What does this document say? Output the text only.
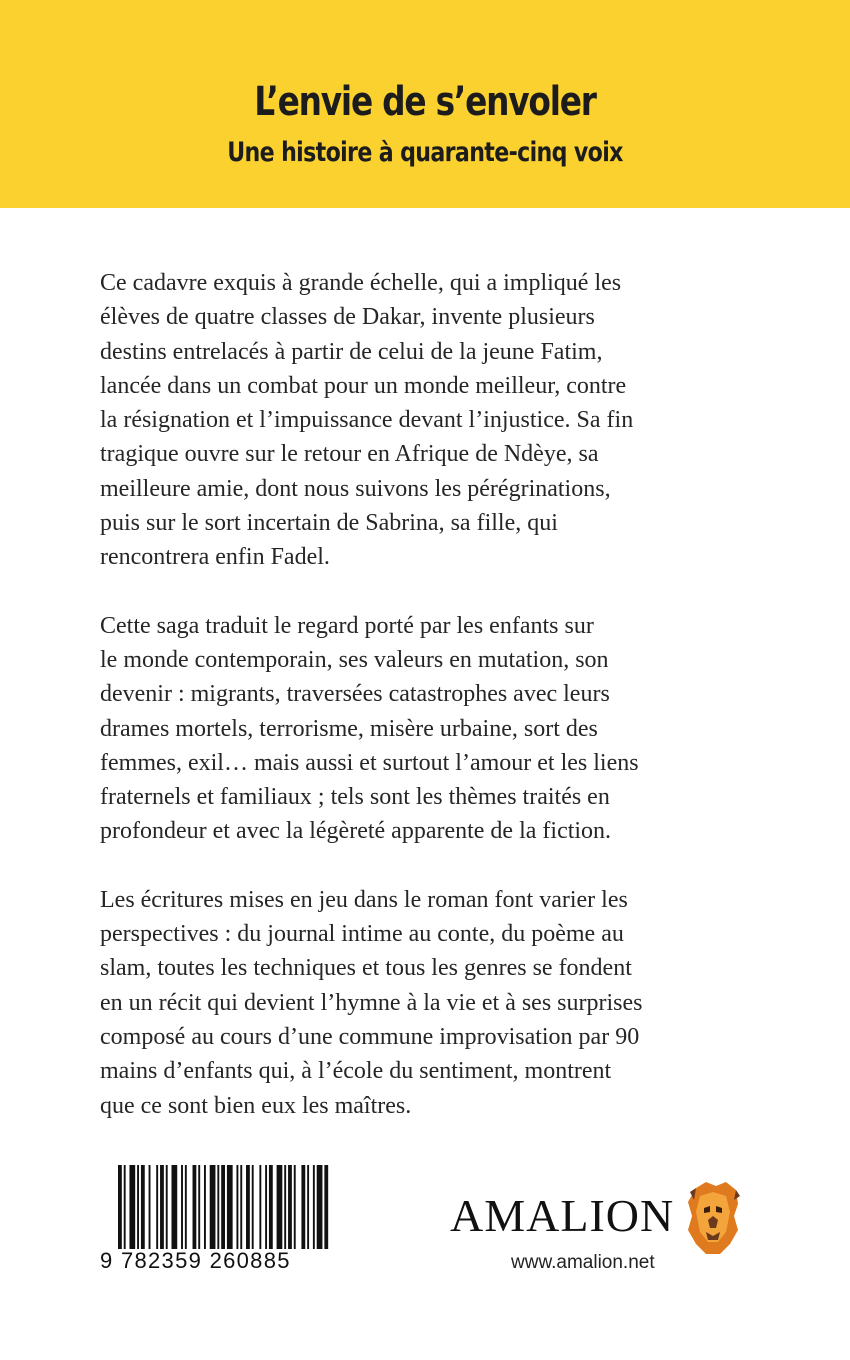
L’envie de s’envoler
Une histoire à quarante-cinq voix

Ce cadavre exquis à grande échelle, qui a impliqué les
élèves de quatre classes de Dakar, invente plusieurs
destins entrelacés à partir de celui de la jeune Fatim,
lancée dans un combat pour un monde meilleur, contre
la résignation et l’impuissance devant l’injustice. Sa fin
tragique ouvre sur le retour en Afrique de Ndèye, sa
meilleure amie, dont nous suivons les pérégrinations,
puis sur le sort incertain de Sabrina, sa fille, qui
rencontrera enfin Fadel.

Cette saga traduit le regard porté par les enfants sur
le monde contemporain, ses valeurs en mutation, son
devenir : migrants, traversées catastrophes avec leurs
drames mortels, terrorisme, misère urbaine, sort des
femmes, exil… mais aussi et surtout l’amour et les liens
fraternels et familiaux ; tels sont les thèmes traités en
profondeur et avec la légèreté apparente de la fiction.

Les écritures mises en jeu dans le roman font varier les
perspectives : du journal intime au conte, du poème au
slam, toutes les techniques et tous les genres se fondent
en un récit qui devient l’hymne à la vie et à ses surprises
composé au cours d’une commune improvisation par 90
mains d’enfants qui, à l’école du sentiment, montrent
que ce sont bien eux les maîtres.

9 782359 260885
AMALION
www.amalion.net
